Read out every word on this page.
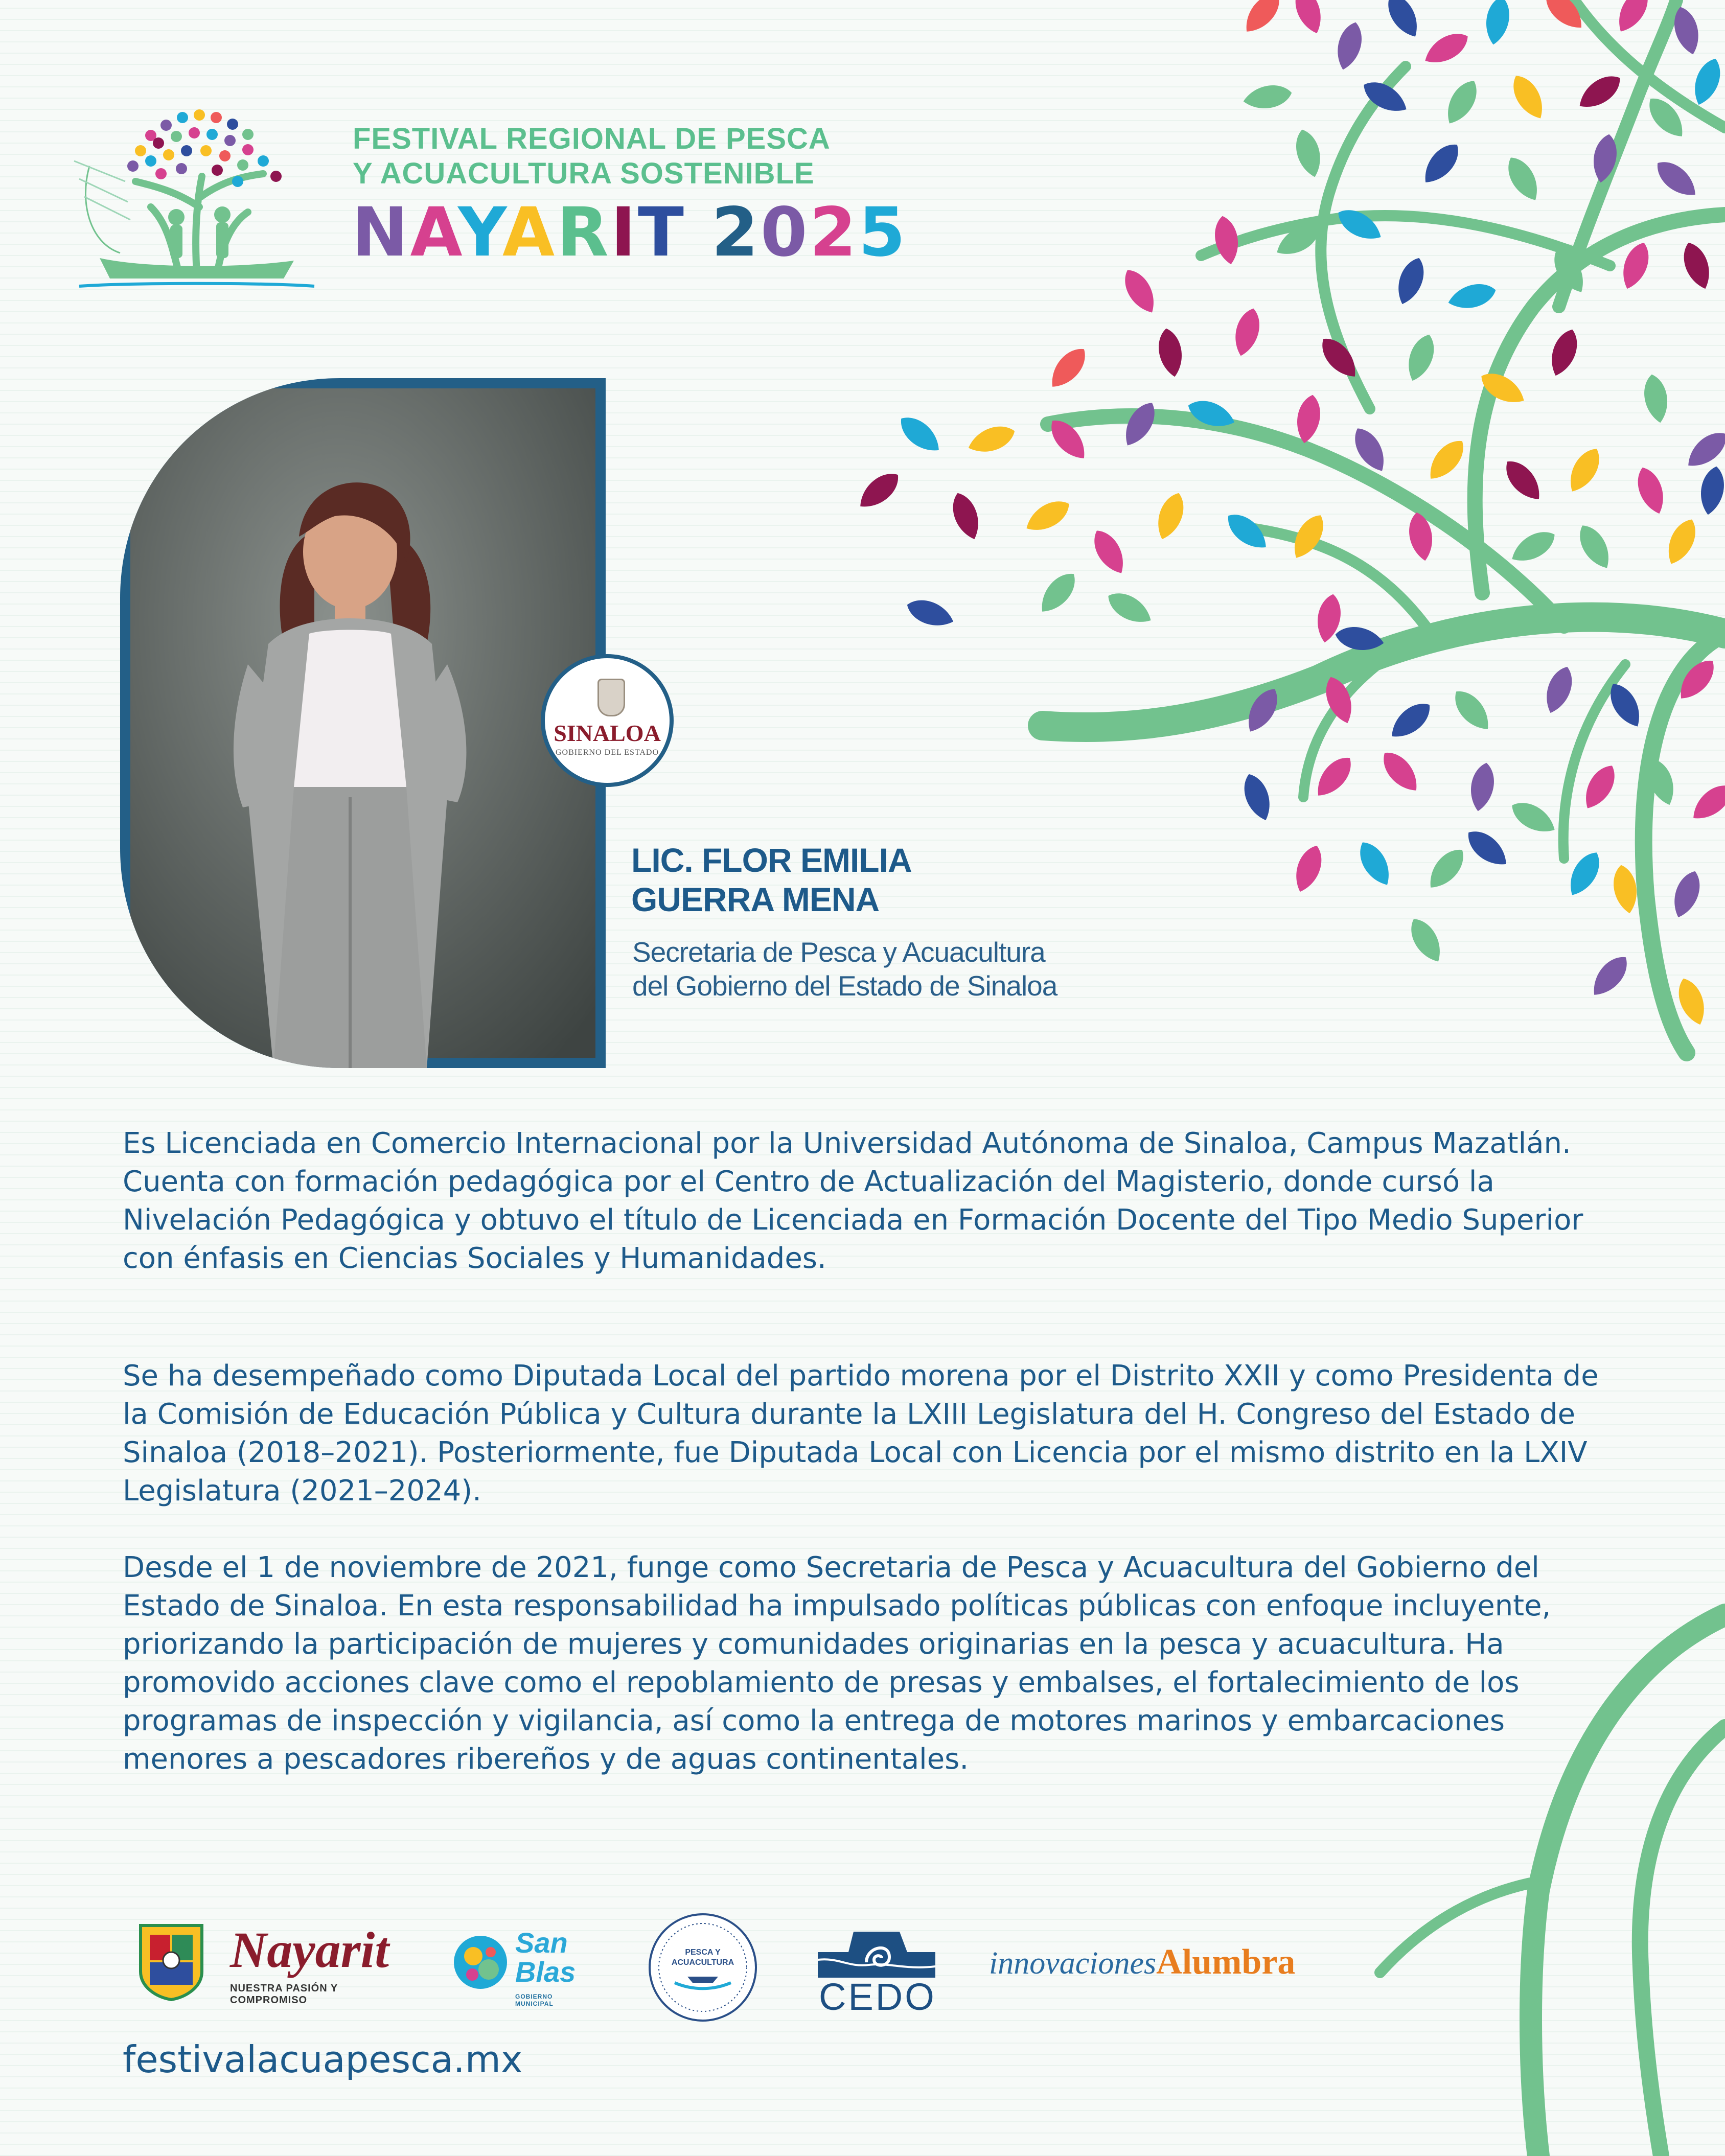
FESTIVAL REGIONAL DE PESCA
Y ACUACULTURA SOSTENIBLE
NAYARIT 2025
SINALOA
GOBIERNO DEL ESTADO
LIC. FLOR EMILIA
GUERRA MENA
Secretaria de Pesca y Acuacultura
del Gobierno del Estado de Sinaloa

Es Licenciada en Comercio Internacional por la Universidad Autónoma de Sinaloa, Campus Mazatlán. Cuenta con formación pedagógica por el Centro de Actualización del Magisterio, donde cursó la Nivelación Pedagógica y obtuvo el título de Licenciada en Formación Docente del Tipo Medio Superior con énfasis en Ciencias Sociales y Humanidades.

Se ha desempeñado como Diputada Local del partido morena por el Distrito XXII y como Presidenta de la Comisión de Educación Pública y Cultura durante la LXIII Legislatura del H. Congreso del Estado de Sinaloa (2018–2021). Posteriormente, fue Diputada Local con Licencia por el mismo distrito en la LXIV Legislatura (2021–2024).

Desde el 1 de noviembre de 2021, funge como Secretaria de Pesca y Acuacultura del Gobierno del Estado de Sinaloa. En esta responsabilidad ha impulsado políticas públicas con enfoque incluyente, priorizando la participación de mujeres y comunidades originarias en la pesca y acuacultura. Ha promovido acciones clave como el repoblamiento de presas y embalses, el fortalecimiento de los programas de inspección y vigilancia, así como la entrega de motores marinos y embarcaciones menores a pescadores ribereños y de aguas continentales.

Nayarit
NUESTRA PASIÓN Y COMPROMISO
San
Blas
GOBIERNO MUNICIPAL
PESCA Y
ACUACULTURA
CEDO
innovacionesAlumbra
festivalacuapesca.mx
